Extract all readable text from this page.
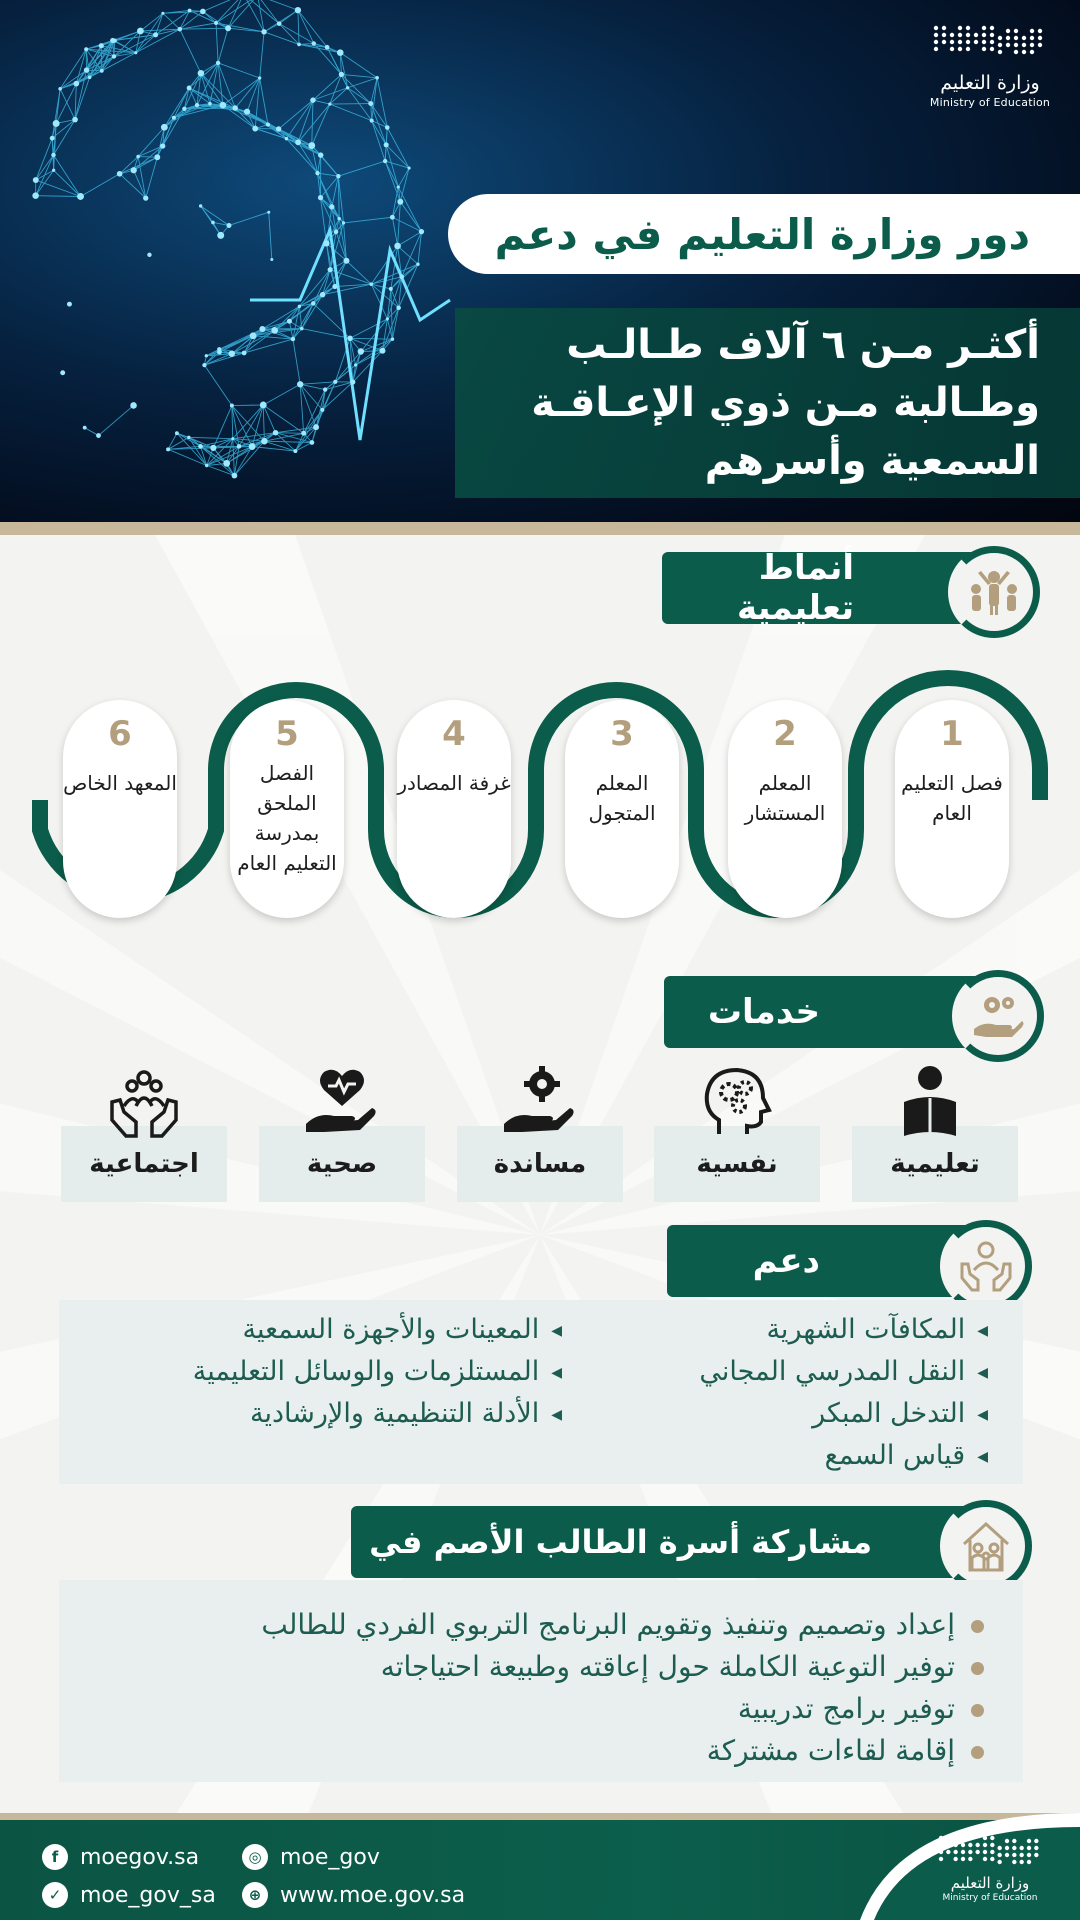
وزارة التعليم
Ministry of Education
دور وزارة التعليم في دعم
أكثـر مـن ٦ آلاف طـالـب
وطـالبة مـن ذوي الإعـاقـة
السمعية وأسرهم
أنماط تعليمية
1
فصل التعليم العام
2
المعلم المستشار
3
المعلم المتجول
4
غرفة المصادر
5
الفصل الملحق بمدرسة التعليم العام
6
المعهد الخاص
خدمات
تعليمية
نفسية
مساندة
صحية
اجتماعية
دعم
◀المكافآت الشهرية
◀النقل المدرسي المجاني
◀التدخل المبكر
◀قياس السمع
◀المعينات والأجهزة السمعية
◀المستلزمات والوسائل التعليمية
◀الأدلة التنظيمية والإرشادية
مشاركة أسرة الطالب الأصم في
إعداد وتصميم وتنفيذ وتقويم البرنامج التربوي الفردي للطالب
توفير التوعية الكاملة حول إعاقته وطبيعة احتياجاته
توفير برامج تدريبية
إقامة لقاءات مشتركة
f moegov.sa
✓ moe_gov_sa
◎ moe_gov
⊕ www.moe.gov.sa	وزارة التعليم
Ministry of Education
